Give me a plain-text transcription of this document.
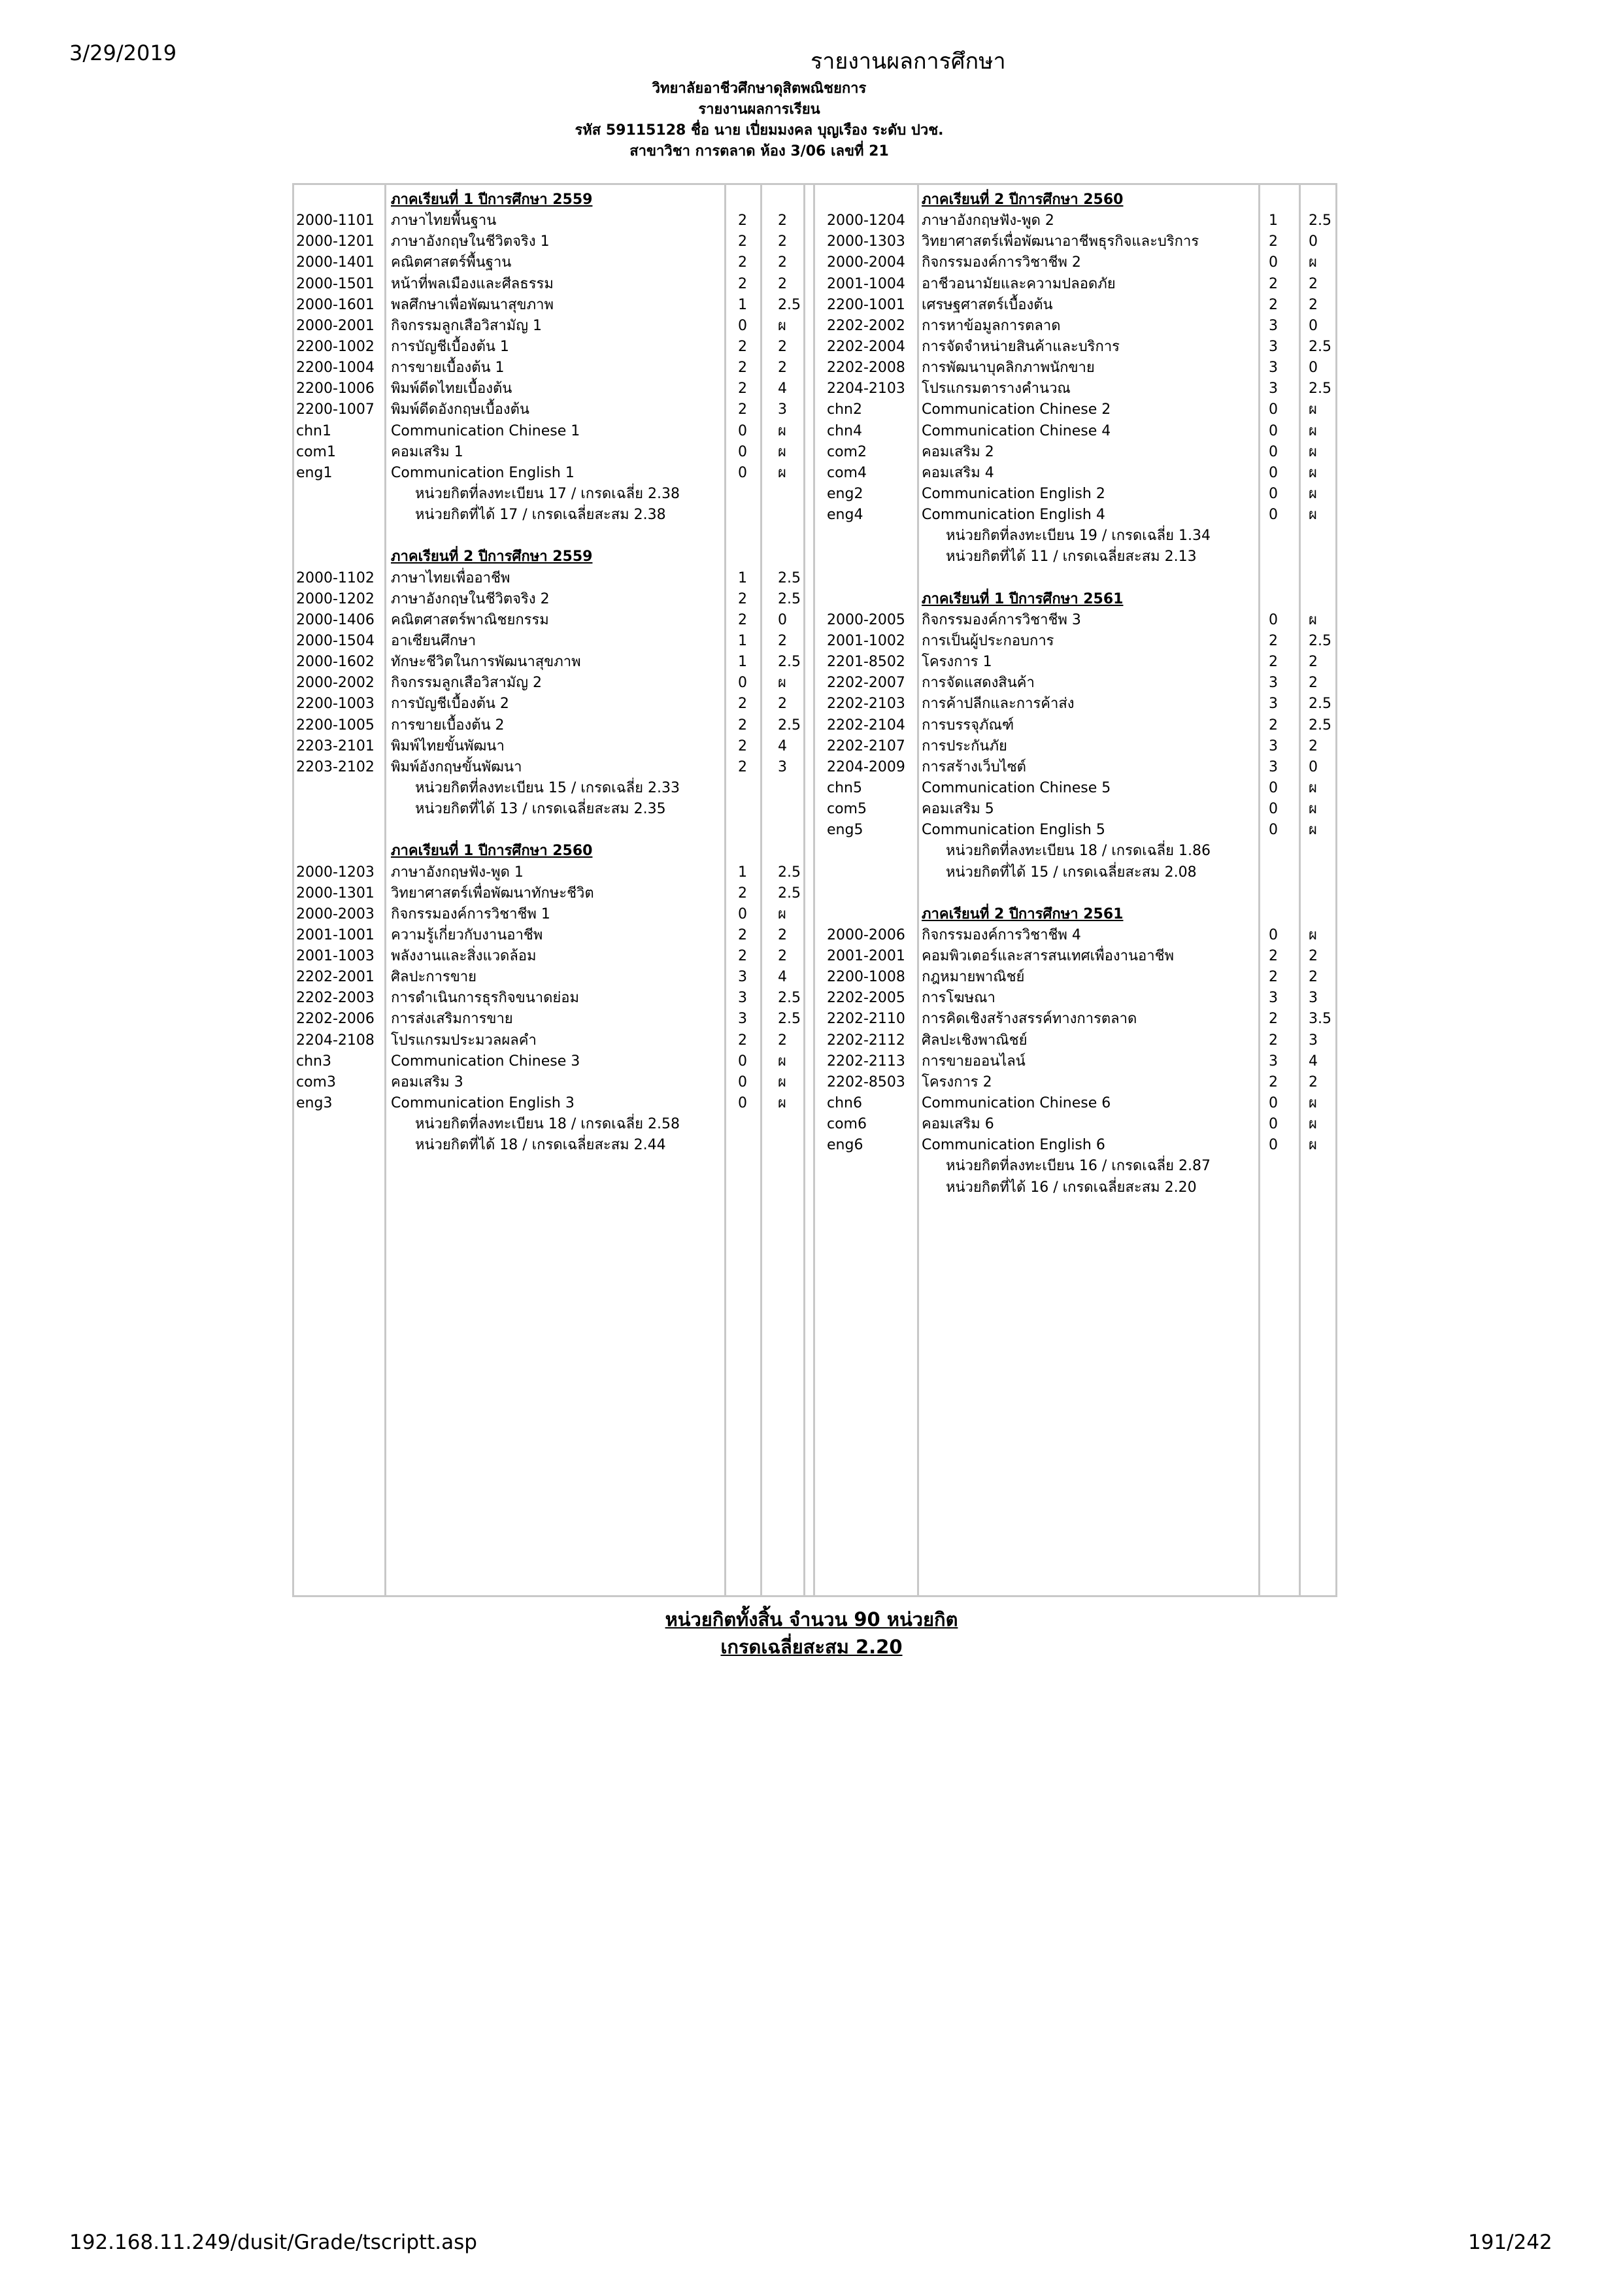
3/29/2019	รายงานผลการศึกษา
วิทยาลัยอาชีวศึกษาดุสิตพณิชยการ
รายงานผลการเรียน
รหัส 59115128 ชื่อ นาย เปี่ยมมงคล บุญเรือง ระดับ ปวช.
สาขาวิชา การตลาด ห้อง 3/06 เลขที่ 21
ภาคเรียนที่ 1 ปีการศึกษา 2559
2000-1101 ภาษาไทยพื้นฐาน	2 2
2000-1201 ภาษาอังกฤษในชีวิตจริง 1	2 2
2000-1401 คณิตศาสตร์พื้นฐาน	2 2
2000-1501 หน้าที่พลเมืองและศีลธรรม	2 2
2000-1601 พลศึกษาเพื่อพัฒนาสุขภาพ	1 2.5
2000-2001 กิจกรรมลูกเสือวิสามัญ 1	0 ผ
2200-1002 การบัญชีเบื้องต้น 1	2 2
2200-1004 การขายเบื้องต้น 1	2 2
2200-1006 พิมพ์ดีดไทยเบื้องต้น	2 4
2200-1007 พิมพ์ดีดอังกฤษเบื้องต้น	2 3
chn1	Communication Chinese 1	0 ผ
com1	คอมเสริม 1	0 ผ
eng1	Communication English 1	0 ผ
หน่วยกิตที่ลงทะเบียน 17 / เกรดเฉลี่ย 2.38
หน่วยกิตที่ได้ 17 / เกรดเฉลี่ยสะสม 2.38
ภาคเรียนที่ 2 ปีการศึกษา 2559
2000-1102 ภาษาไทยเพื่ออาชีพ	1 2.5
2000-1202 ภาษาอังกฤษในชีวิตจริง 2	2 2.5
2000-1406 คณิตศาสตร์พาณิชยกรรม	2 0
2000-1504 อาเซียนศึกษา	1 2
2000-1602 ทักษะชีวิตในการพัฒนาสุขภาพ	1 2.5
2000-2002 กิจกรรมลูกเสือวิสามัญ 2	0 ผ
2200-1003 การบัญชีเบื้องต้น 2	2 2
2200-1005 การขายเบื้องต้น 2	2 2.5
2203-2101 พิมพ์ไทยขั้นพัฒนา	2 4
2203-2102 พิมพ์อังกฤษขั้นพัฒนา	2 3
หน่วยกิตที่ลงทะเบียน 15 / เกรดเฉลี่ย 2.33
หน่วยกิตที่ได้ 13 / เกรดเฉลี่ยสะสม 2.35
ภาคเรียนที่ 1 ปีการศึกษา 2560
2000-1203 ภาษาอังกฤษฟัง-พูด 1	1 2.5
2000-1301 วิทยาศาสตร์เพื่อพัฒนาทักษะชีวิต	2 2.5
2000-2003 กิจกรรมองค์การวิชาชีพ 1	0 ผ
2001-1001 ความรู้เกี่ยวกับงานอาชีพ	2 2
2001-1003 พลังงานและสิ่งแวดล้อม	2 2
2202-2001 ศิลปะการขาย	3 4
2202-2003 การดำเนินการธุรกิจขนาดย่อม	3 2.5
2202-2006 การส่งเสริมการขาย	3 2.5
2204-2108 โปรแกรมประมวลผลคำ	2 2
chn3	Communication Chinese 3	0 ผ
com3	คอมเสริม 3	0 ผ
eng3	Communication English 3	0 ผ
หน่วยกิตที่ลงทะเบียน 18 / เกรดเฉลี่ย 2.58
หน่วยกิตที่ได้ 18 / เกรดเฉลี่ยสะสม 2.44
ภาคเรียนที่ 2 ปีการศึกษา 2560
2000-1204 ภาษาอังกฤษฟัง-พูด 2	1 2.5
2000-1303 วิทยาศาสตร์เพื่อพัฒนาอาชีพธุรกิจและบริการ	2 0
2000-2004 กิจกรรมองค์การวิชาชีพ 2	0 ผ
2001-1004 อาชีวอนามัยและความปลอดภัย	2 2
2200-1001 เศรษฐศาสตร์เบื้องต้น	2 2
2202-2002 การหาข้อมูลการตลาด	3 0
2202-2004 การจัดจำหน่ายสินค้าและบริการ	3 2.5
2202-2008 การพัฒนาบุคลิกภาพนักขาย	3 0
2204-2103 โปรแกรมตารางคำนวณ	3 2.5
chn2	Communication Chinese 2	0 ผ
chn4	Communication Chinese 4	0 ผ
com2	คอมเสริม 2	0 ผ
com4	คอมเสริม 4	0 ผ
eng2	Communication English 2	0 ผ
eng4	Communication English 4	0 ผ
หน่วยกิตที่ลงทะเบียน 19 / เกรดเฉลี่ย 1.34
หน่วยกิตที่ได้ 11 / เกรดเฉลี่ยสะสม 2.13
ภาคเรียนที่ 1 ปีการศึกษา 2561
2000-2005 กิจกรรมองค์การวิชาชีพ 3	0 ผ
2001-1002 การเป็นผู้ประกอบการ	2 2.5
2201-8502 โครงการ 1	2 2
2202-2007 การจัดแสดงสินค้า	3 2
2202-2103 การค้าปลีกและการค้าส่ง	3 2.5
2202-2104 การบรรจุภัณฑ์	2 2.5
2202-2107 การประกันภัย	3 2
2204-2009 การสร้างเว็บไซต์	3 0
chn5	Communication Chinese 5	0 ผ
com5	คอมเสริม 5	0 ผ
eng5	Communication English 5	0 ผ
หน่วยกิตที่ลงทะเบียน 18 / เกรดเฉลี่ย 1.86
หน่วยกิตที่ได้ 15 / เกรดเฉลี่ยสะสม 2.08
ภาคเรียนที่ 2 ปีการศึกษา 2561
2000-2006 กิจกรรมองค์การวิชาชีพ 4	0 ผ
2001-2001 คอมพิวเตอร์และสารสนเทศเพื่องานอาชีพ	2 2
2200-1008 กฎหมายพาณิชย์	2 2
2202-2005 การโฆษณา	3 3
2202-2110 การคิดเชิงสร้างสรรค์ทางการตลาด	2 3.5
2202-2112 ศิลปะเชิงพาณิชย์	2 3
2202-2113 การขายออนไลน์	3 4
2202-8503 โครงการ 2	2 2
chn6	Communication Chinese 6	0 ผ
com6	คอมเสริม 6	0 ผ
eng6	Communication English 6	0 ผ
หน่วยกิตที่ลงทะเบียน 16 / เกรดเฉลี่ย 2.87
หน่วยกิตที่ได้ 16 / เกรดเฉลี่ยสะสม 2.20
หน่วยกิตทั้งสิ้น จำนวน 90 หน่วยกิต
เกรดเฉลี่ยสะสม 2.20
192.168.11.249/dusit/Grade/tscriptt.asp	191/242
